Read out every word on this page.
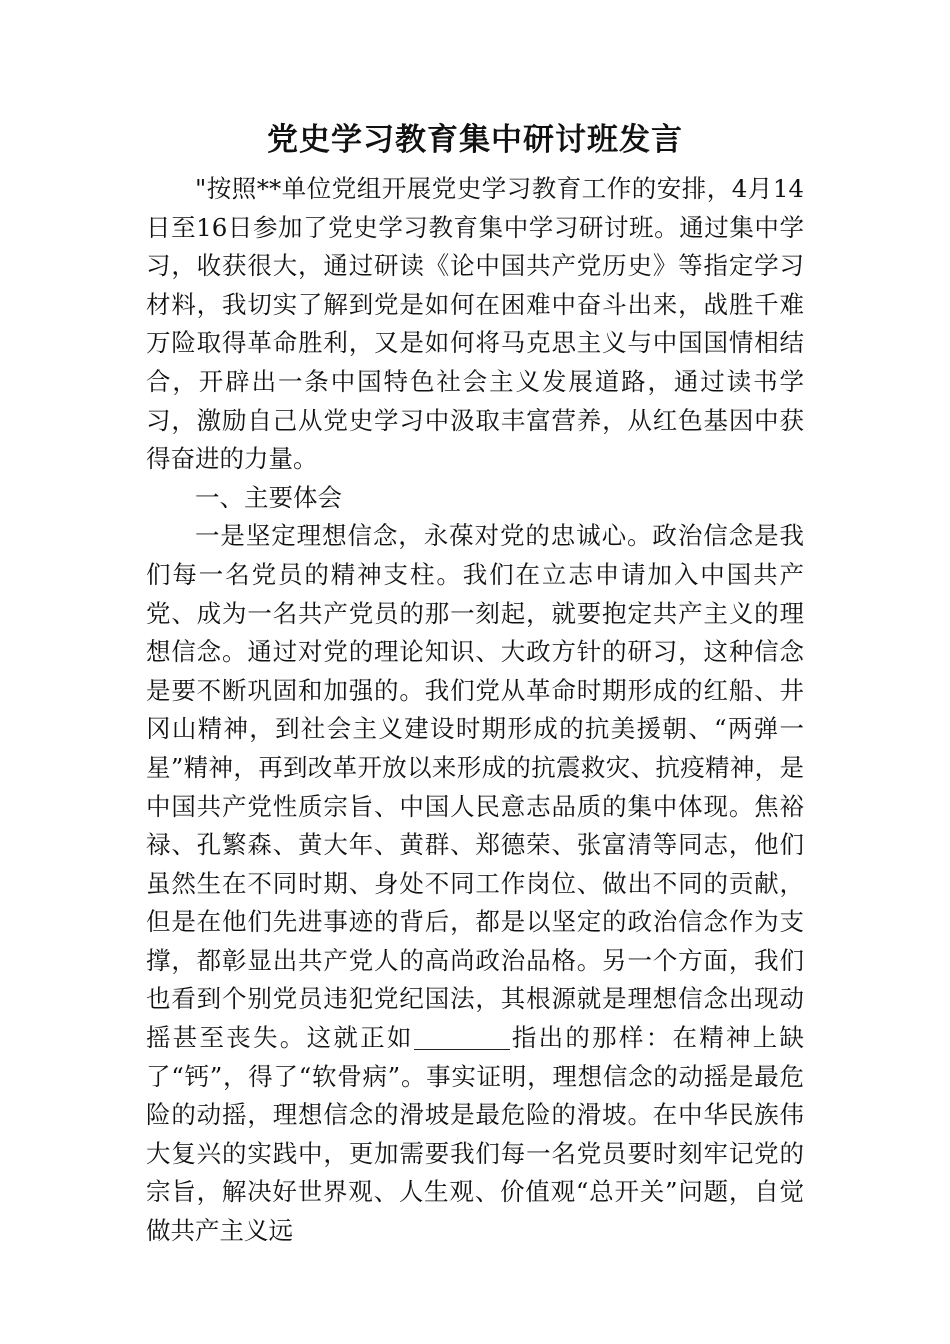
党史学习教育集中研讨班发言

"按照**单位党组开展党史学习教育工作的安排，4月14日至16日参加了党史学习教育集中学习研讨班。通过集中学习，收获很大，通过研读《论中国共产党历史》等指定学习材料，我切实了解到党是如何在困难中奋斗出来，战胜千难万险取得革命胜利，又是如何将马克思主义与中国国情相结合，开辟出一条中国特色社会主义发展道路，通过读书学习，激励自己从党史学习中汲取丰富营养，从红色基因中获得奋进的力量。

一、主要体会

一是坚定理想信念，永葆对党的忠诚心。政治信念是我们每一名党员的精神支柱。我们在立志申请加入中国共产党、成为一名共产党员的那一刻起，就要抱定共产主义的理想信念。通过对党的理论知识、大政方针的研习，这种信念是要不断巩固和加强的。我们党从革命时期形成的红船、井冈山精神，到社会主义建设时期形成的抗美援朝、“两弹一星”精神，再到改革开放以来形成的抗震救灾、抗疫精神，是中国共产党性质宗旨、中国人民意志品质的集中体现。焦裕禄、孔繁森、黄大年、黄群、郑德荣、张富清等同志，他们虽然生在不同时期、身处不同工作岗位、做出不同的贡献，但是在他们先进事迹的背后，都是以坚定的政治信念作为支撑，都彰显出共产党人的高尚政治品格。另一个方面，我们也看到个别党员违犯党纪国法，其根源就是理想信念出现动摇甚至丧失。这就正如	指出的那样：在精神上缺了“钙”，得了“软骨病”。事实证明，理想信念的动摇是最危险的动摇，理想信念的滑坡是最危险的滑坡。在中华民族伟大复兴的实践中，更加需要我们每一名党员要时刻牢记党的宗旨，解决好世界观、人生观、价值观“总开关”问题，自觉做共产主义远
